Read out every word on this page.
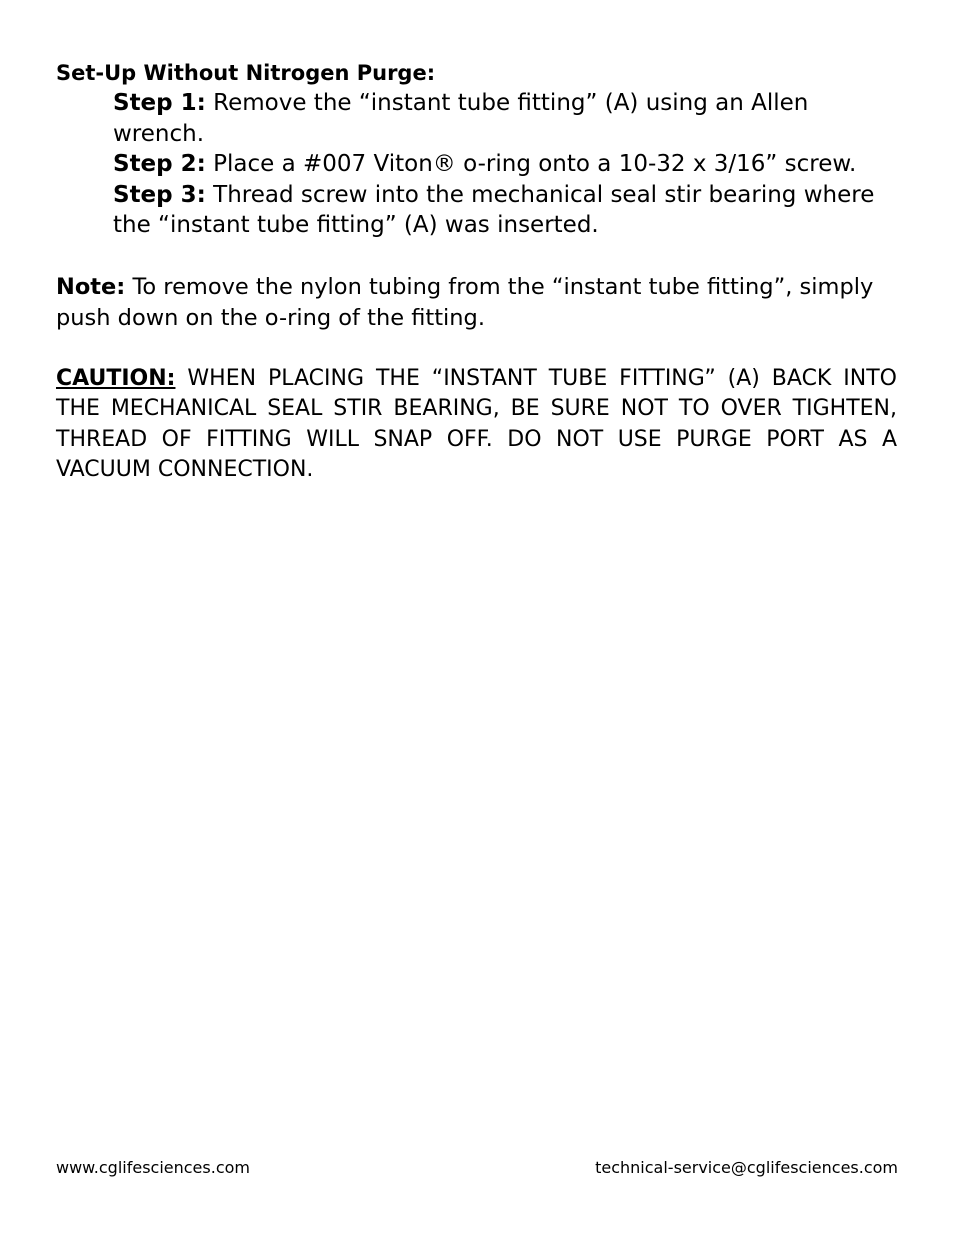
Set-Up Without Nitrogen Purge:

Step 1: Remove the “instant tube fitting” (A) using an Allen wrench.

Step 2: Place a #007 Viton® o-ring onto a 10-32 x 3/16” screw.

Step 3: Thread screw into the mechanical seal stir bearing where the “instant tube fitting” (A) was inserted.

Note: To remove the nylon tubing from the “instant tube fitting”, simply push down on the o-ring of the fitting.

CAUTION: WHEN PLACING THE “INSTANT TUBE FITTING” (A) BACK INTO THE MECHANICAL SEAL STIR BEARING, BE SURE NOT TO OVER TIGHTEN, THREAD OF FITTING WILL SNAP OFF. DO NOT USE PURGE PORT AS A VACUUM CONNECTION.

www.cglifesciences.com	technical-service@cglifesciences.com
